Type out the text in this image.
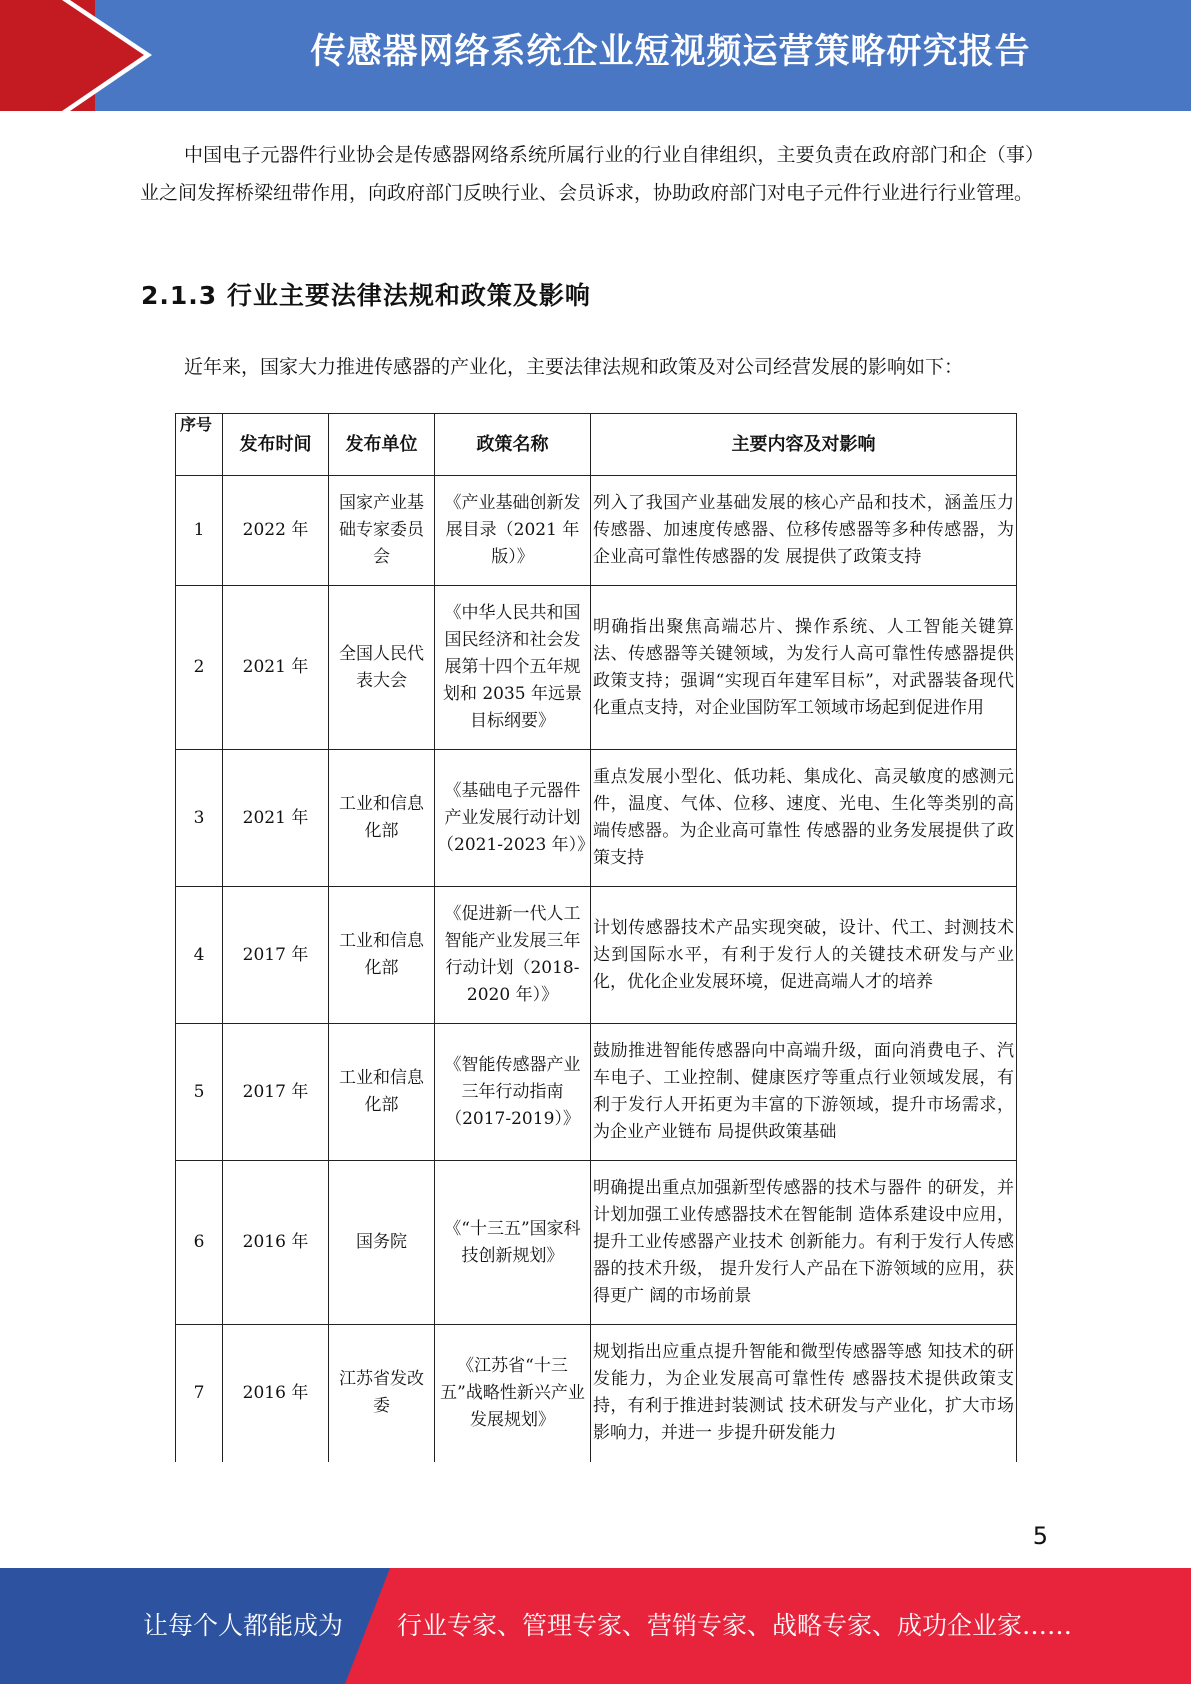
传感器网络系统企业短视频运营策略研究报告

中国电子元器件行业协会是传感器网络系统所属行业的行业自律组织，主要负责在政府部门和企（事）业之间发挥桥梁纽带作用，向政府部门反映行业、会员诉求，协助政府部门对电子元件行业进行行业管理。

2.1.3 行业主要法律法规和政策及影响

近年来，国家大力推进传感器的产业化，主要法律法规和政策及对公司经营发展的影响如下：

序号	发布时间	发布单位	政策名称	主要内容及对影响
1	2022 年	国家产业基础专家委员会	《产业基础创新发展目录（2021 年版）》	列入了我国产业基础发展的核心产品和技术，涵盖压力传感器、加速度传感器、位移传感器等多种传感器，为企业高可靠性传感器的发 展提供了政策支持
2	2021 年	全国人民代表大会	《中华人民共和国国民经济和社会发展第十四个五年规划和 2035 年远景目标纲要》	明确指出聚焦高端芯片、操作系统、人工智能关键算法、传感器等关键领域，为发行人高可靠性传感器提供政策支持；强调“实现百年建军目标”，对武器装备现代化重点支持，对企业国防军工领域市场起到促进作用
3	2021 年	工业和信息化部	《基础电子元器件产业发展行动计划（2021-2023 年）》	重点发展小型化、低功耗、集成化、高灵敏度的感测元件，温度、气体、位移、速度、光电、生化等类别的高端传感器。为企业高可靠性 传感器的业务发展提供了政策支持
4	2017 年	工业和信息化部	《促进新一代人工智能产业发展三年行动计划（2018-2020 年）》	计划传感器技术产品实现突破，设计、代工、封测技术达到国际水平，有利于发行人的关键技术研发与产业化，优化企业发展环境，促进高端人才的培养
5	2017 年	工业和信息化部	《智能传感器产业三年行动指南（2017-2019）》	鼓励推进智能传感器向中高端升级，面向消费电子、汽车电子、工业控制、健康医疗等重点行业领域发展，有利于发行人开拓更为丰富的下游领域，提升市场需求，为企业产业链布 局提供政策基础
6	2016 年	国务院	《“十三五”国家科技创新规划》	明确提出重点加强新型传感器的技术与器件 的研发，并计划加强工业传感器技术在智能制 造体系建设中应用，提升工业传感器产业技术 创新能力。有利于发行人传感器的技术升级， 提升发行人产品在下游领域的应用，获得更广 阔的市场前景
7	2016 年	江苏省发改委	《江苏省“十三五”战略性新兴产业发展规划》	规划指出应重点提升智能和微型传感器等感 知技术的研发能力，为企业发展高可靠性传 感器技术提供政策支持，有利于推进封装测试 技术研发与产业化，扩大市场影响力，并进一 步提升研发能力
5
让每个人都能成为 行业专家、管理专家、营销专家、战略专家、成功企业家……
